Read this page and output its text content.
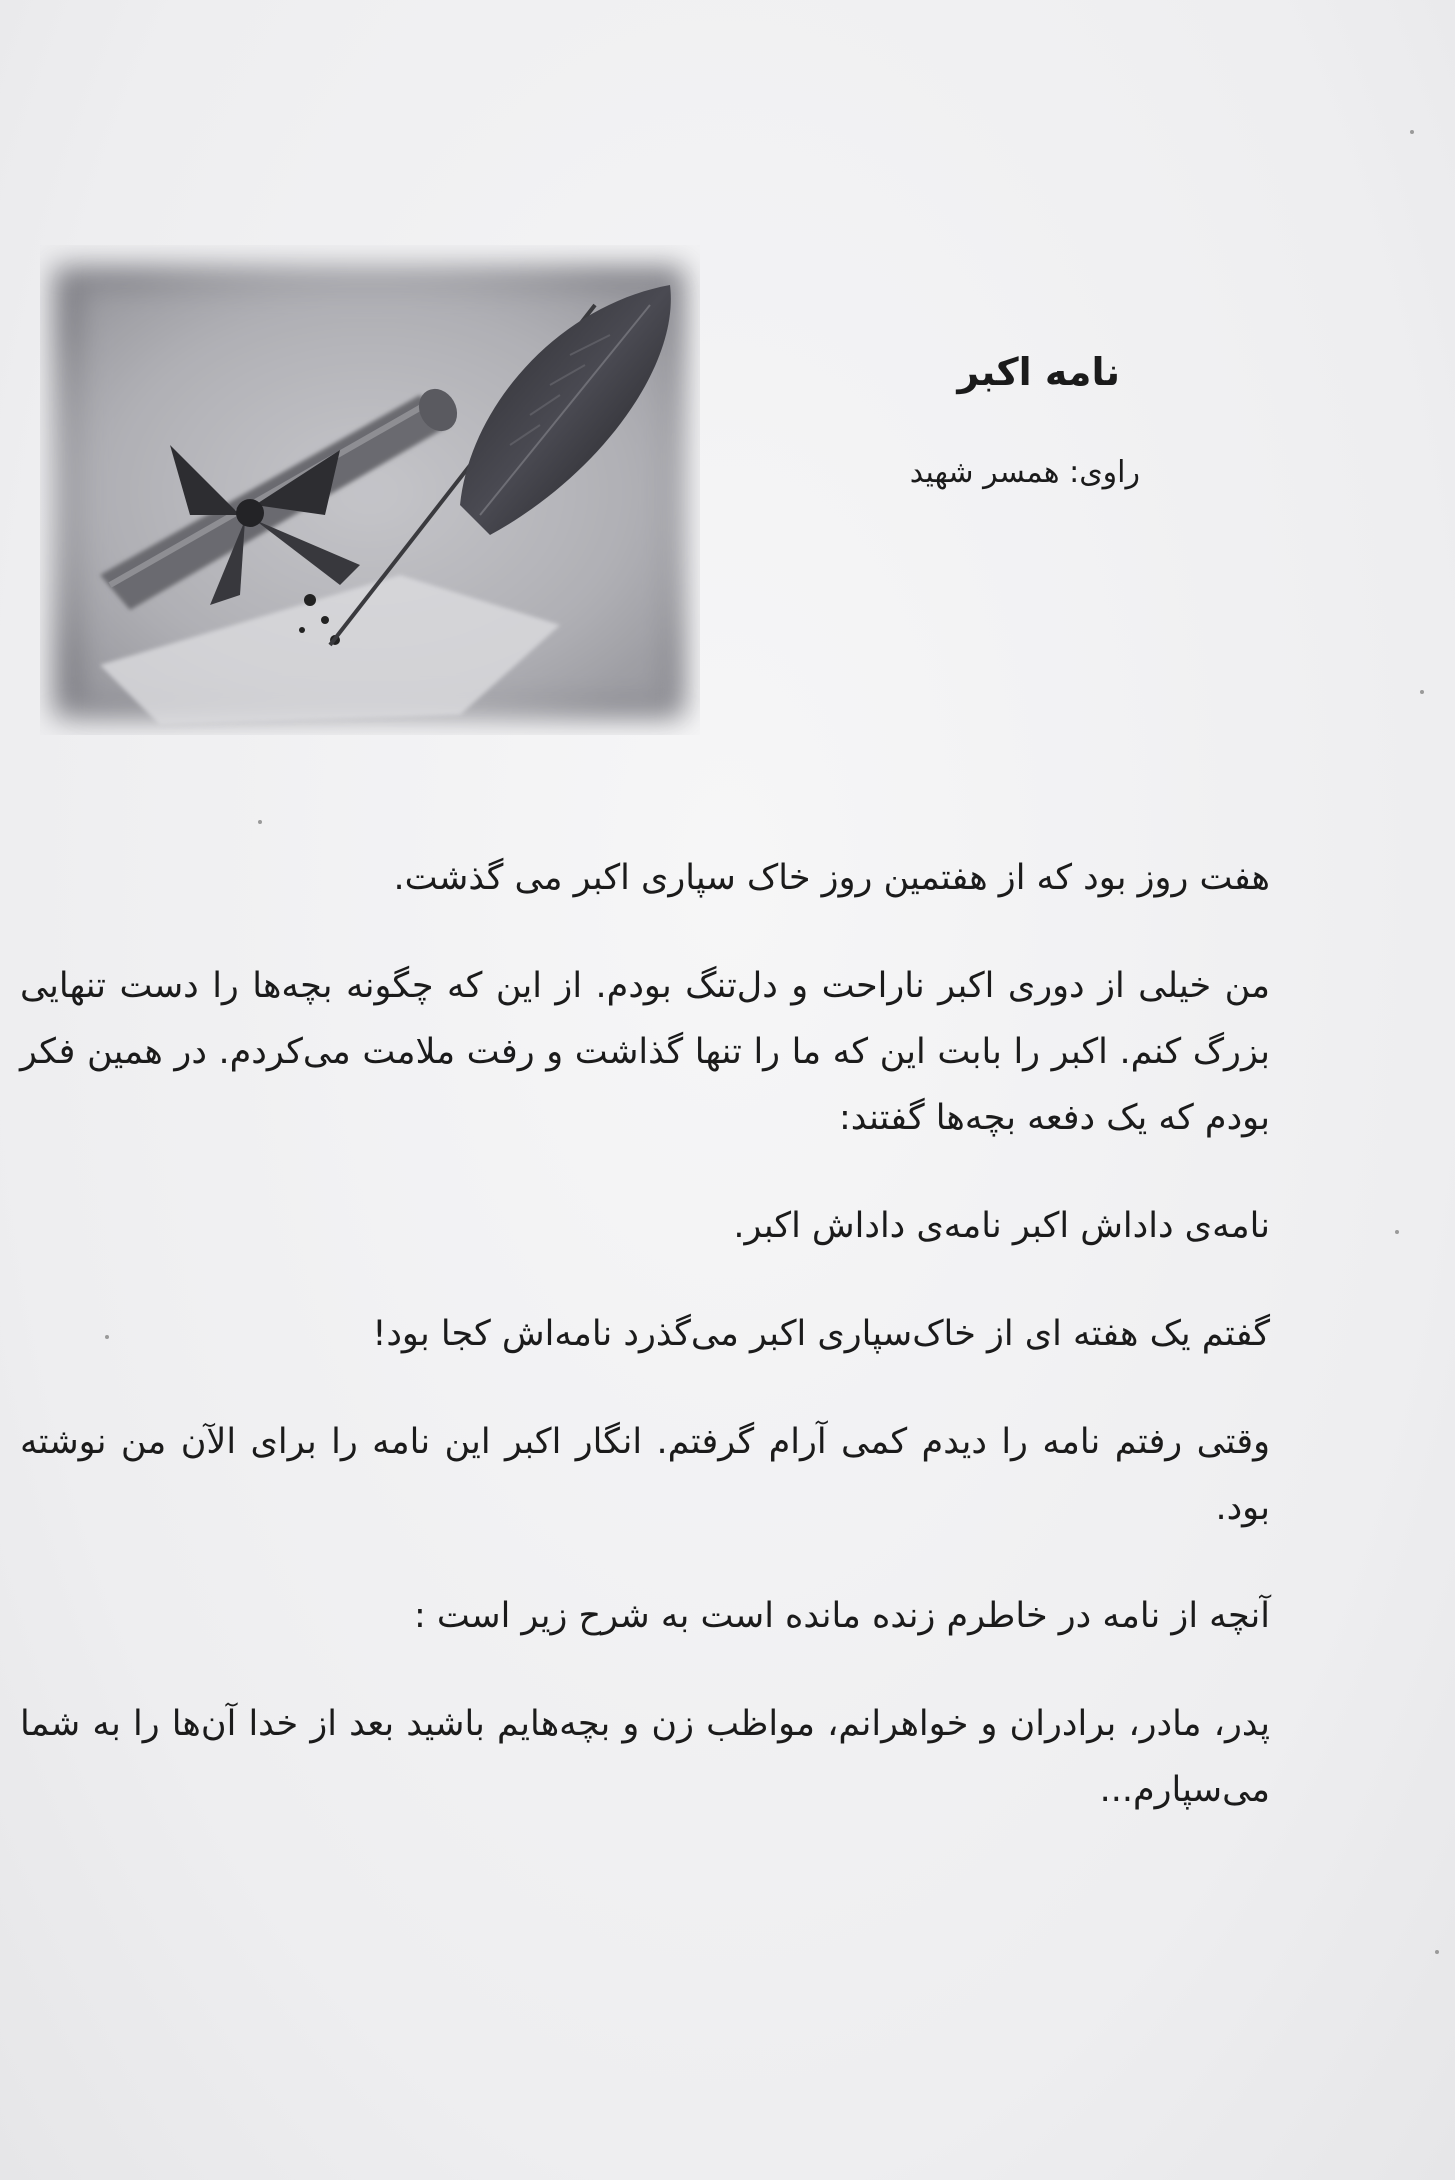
نامه اکبر

راوی: همسر شهید

هفت روز بود که از هفتمین روز خاک سپاری اکبر می گذشت.

من خیلی از دوری اکبر ناراحت و دل‌تنگ بودم. از این که چگونه بچه‌ها را دست تنهایی بزرگ کنم. اکبر را بابت این که ما را تنها گذاشت و رفت ملامت می‌کردم. در همین فکر بودم که یک دفعه بچه‌ها گفتند:

نامه‌ی داداش اکبر نامه‌ی داداش اکبر.

گفتم یک هفته ای از خاک‌سپاری اکبر می‌گذرد نامه‌اش کجا بود!

وقتی رفتم نامه را دیدم کمی آرام گرفتم. انگار اکبر این نامه را برای الآن من نوشته بود.

آنچه از نامه در خاطرم زنده مانده است به شرح زیر است :

پدر، مادر، برادران و خواهرانم، مواظب زن و بچه‌هایم باشید بعد از خدا آن‌ها را به شما می‌سپارم...
